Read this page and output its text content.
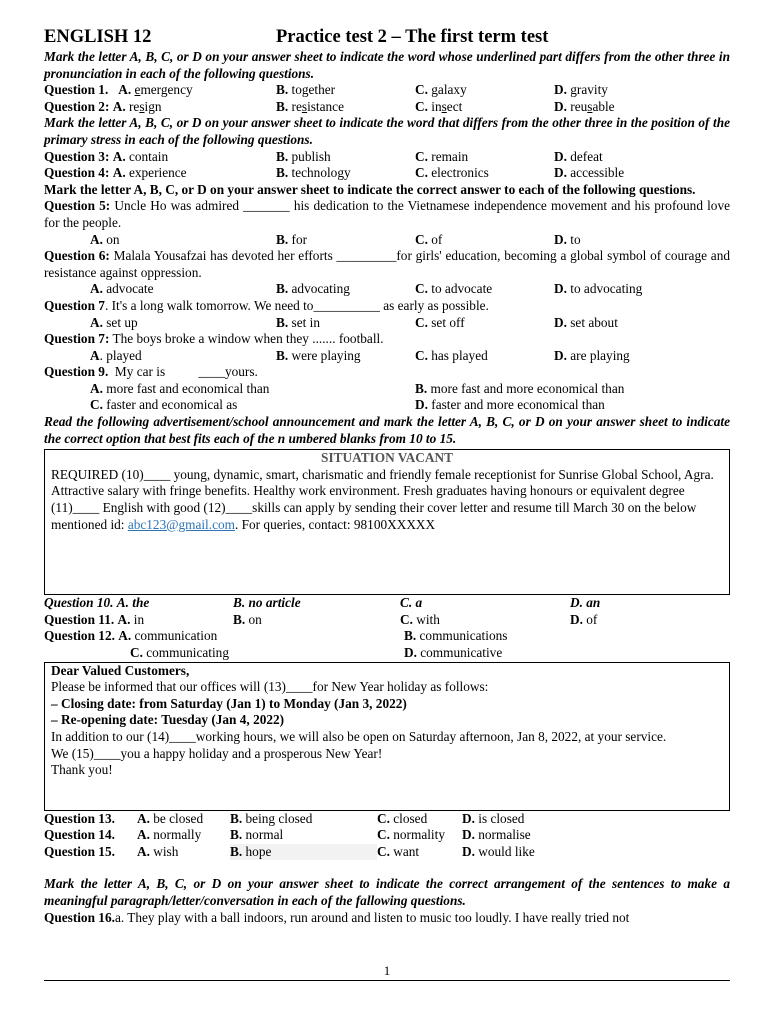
ENGLISH 12	Practice test 2 – The first term test
Mark the letter A, B, C, or D on your answer sheet to indicate the word whose underlined part differs from the other three in pronunciation in each of the following questions.
Question 1. A. emergency	B. together	C. galaxy	D. gravity
Question 2: A. resign	B. resistance	C. insect	D. reusable
Mark the letter A, B, C, or D on your answer sheet to indicate the word that differs from the other three in the position of the primary stress in each of the following questions.
Question 3: A. contain	B. publish	C. remain	D. defeat
Question 4: A. experience	B. technology	C. electronics	D. accessible
Mark the letter A, B, C, or D on your answer sheet to indicate the correct answer to each of the following questions.
Question 5: Uncle Ho was admired _______ his dedication to the Vietnamese independence movement and his profound love for the people.
A. on	B. for	C. of	D. to
Question 6: Malala Yousafzai has devoted her efforts _________for girls' education, becoming a global symbol of courage and resistance against oppression.
A. advocate	B. advocating	C. to advocate	D. to advocating
Question 7. It's a long walk tomorrow. We need to__________ as early as possible.
A. set up	B. set in	C. set off	D. set about
Question 7: The boys broke a window when they ....... football.
A. played	B. were playing	C. has played	D. are playing
Question 9.  My car is          ____yours.
A. more fast and economical than	B. more fast and more economical than
C. faster and economical as	D. faster and more economical than
Read the following advertisement/school announcement and mark the letter A, B, C, or D on your answer sheet to indicate the correct option that best fits each of the n umbered blanks from 10 to 15.
SITUATION VACANT
REQUIRED (10)____ young, dynamic, smart, charismatic and friendly female receptionist for Sunrise Global School, Agra. Attractive salary with fringe benefits. Healthy work environment. Fresh graduates having honours or equivalent degree (11)____ English with good (12)____skills can apply by sending their cover letter and resume till March 30 on the below mentioned id: abc123@gmail.com. For queries, contact: 98100XXXXX
Question 10. A. the	B. no article	C. a	D. an
Question 11. A. in	B. on	C. with	D. of
Question 12. A. communication	B. communications
C. communicating	D. communicative
Dear Valued Customers,
Please be informed that our offices will (13)____for New Year holiday as follows:
– Closing date: from Saturday (Jan 1) to Monday (Jan 3, 2022)
– Re-opening date: Tuesday (Jan 4, 2022)
In addition to our (14)____working hours, we will also be open on Saturday afternoon, Jan 8, 2022, at your service.
We (15)____you a happy holiday and a prosperous New Year!
Thank you!
Question 13.	A. be closed	B. being closed	C. closed	D. is closed
Question 14.	A. normally	B. normal	C. normality	D. normalise
Question 15.	A. wish	B. hope	C. want	D. would like
Mark the letter A, B, C, or D on your answer sheet to indicate the correct arrangement of the sentences to make a meaningful paragraph/letter/conversation in each of the fallowing questions.
Question 16. a. They play with a ball indoors, run around and listen to music too loudly. I have really tried not
1
